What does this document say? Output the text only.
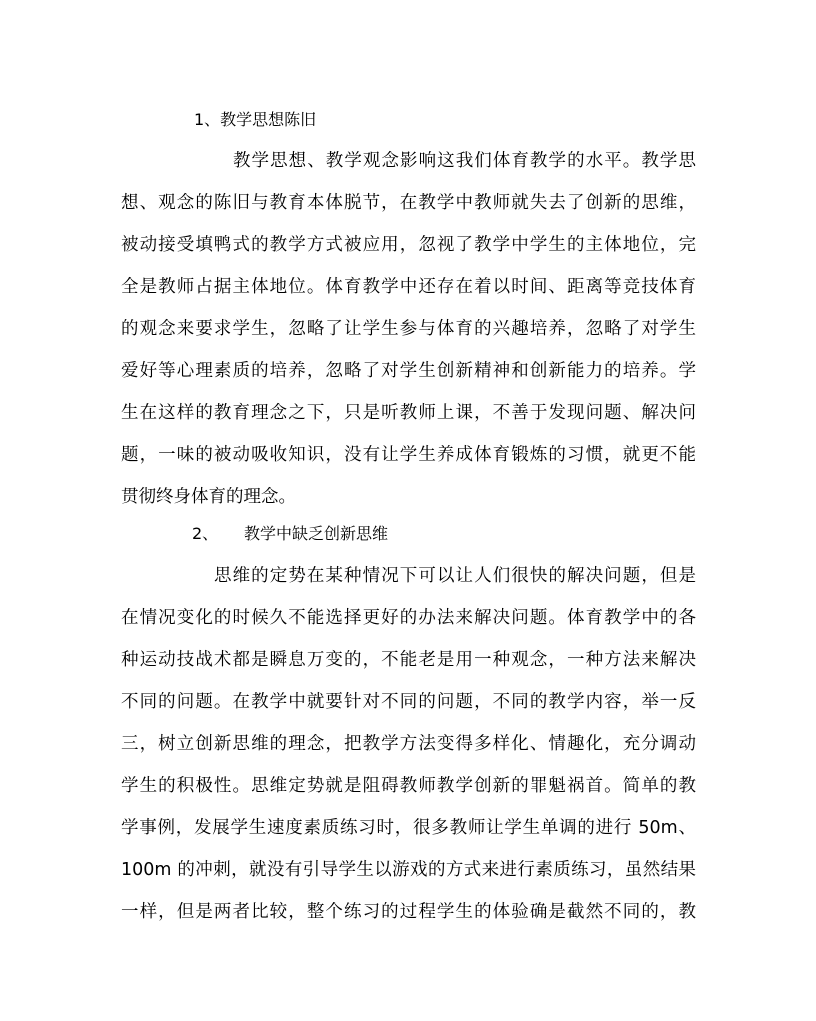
1、教学思想陈旧
教学思想、教学观念影响这我们体育教学的水平。教学思
想、观念的陈旧与教育本体脱节，在教学中教师就失去了创新的思维，
被动接受填鸭式的教学方式被应用，忽视了教学中学生的主体地位，完
全是教师占据主体地位。体育教学中还存在着以时间、距离等竞技体育
的观念来要求学生，忽略了让学生参与体育的兴趣培养，忽略了对学生
爱好等心理素质的培养，忽略了对学生创新精神和创新能力的培养。学
生在这样的教育理念之下，只是听教师上课，不善于发现问题、解决问
题，一味的被动吸收知识，没有让学生养成体育锻炼的习惯，就更不能
贯彻终身体育的理念。
2、 教学中缺乏创新思维
思维的定势在某种情况下可以让人们很快的解决问题，但是
在情况变化的时候久不能选择更好的办法来解决问题。体育教学中的各
种运动技战术都是瞬息万变的，不能老是用一种观念，一种方法来解决
不同的问题。在教学中就要针对不同的问题，不同的教学内容，举一反
三，树立创新思维的理念，把教学方法变得多样化、情趣化，充分调动
学生的积极性。思维定势就是阻碍教师教学创新的罪魁祸首。简单的教
学事例，发展学生速度素质练习时，很多教师让学生单调的进行 50m、
100m 的冲刺，就没有引导学生以游戏的方式来进行素质练习，虽然结果
一样，但是两者比较，整个练习的过程学生的体验确是截然不同的，教
